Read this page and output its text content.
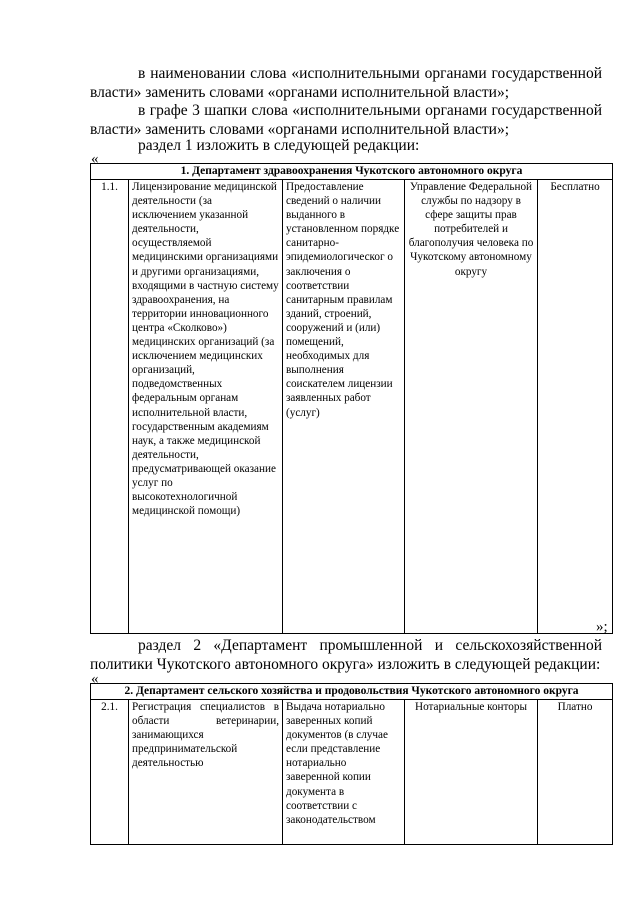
в наименовании слова «исполнительными органами государственной власти» заменить словами «органами исполнительной власти»;
в графе 3 шапки слова «исполнительными органами государственной власти» заменить словами «органами исполнительной власти»;
раздел 1 изложить в следующей редакции:
«
1. Департамент здравоохранения Чукотского автономного округа
1.1.	Лицензирование медицинской деятельности (за исключением указанной деятельности, осуществляемой медицинскими организациями и другими организациями, входящими в частную систему здравоохранения, на территории инновационного центра «Сколково») медицинских организаций (за исключением медицинских организаций, подведомственных федеральным органам исполнительной власти, государственным академиям наук, а также медицинской деятельности, предусматривающей оказание услуг по высокотехнологичной медицинской помощи)	Предоставление сведений о наличии выданного в установленном порядке санитарно-эпидемиологическог о заключения о соответствии санитарным правилам зданий, строений, сооружений и (или) помещений, необходимых для выполнения соискателем лицензии заявленных работ (услуг)	Управление Федеральной службы по надзору в сфере защиты прав потребителей и благополучия человека по Чукотскому автономному округу	Бесплатно
»;
раздел 2 «Департамент промышленной и сельскохозяйственной политики Чукотского автономного округа» изложить в следующей редакции:
«
2. Департамент сельского хозяйства и продовольствия Чукотского автономного округа
2.1.	Регистрация специалистов в области ветеринарии, занимающихся предпринимательской деятельностью	Выдача нотариально заверенных копий документов (в случае если представление нотариально заверенной копии документа в соответствии с законодательством	Нотариальные конторы	Платно
